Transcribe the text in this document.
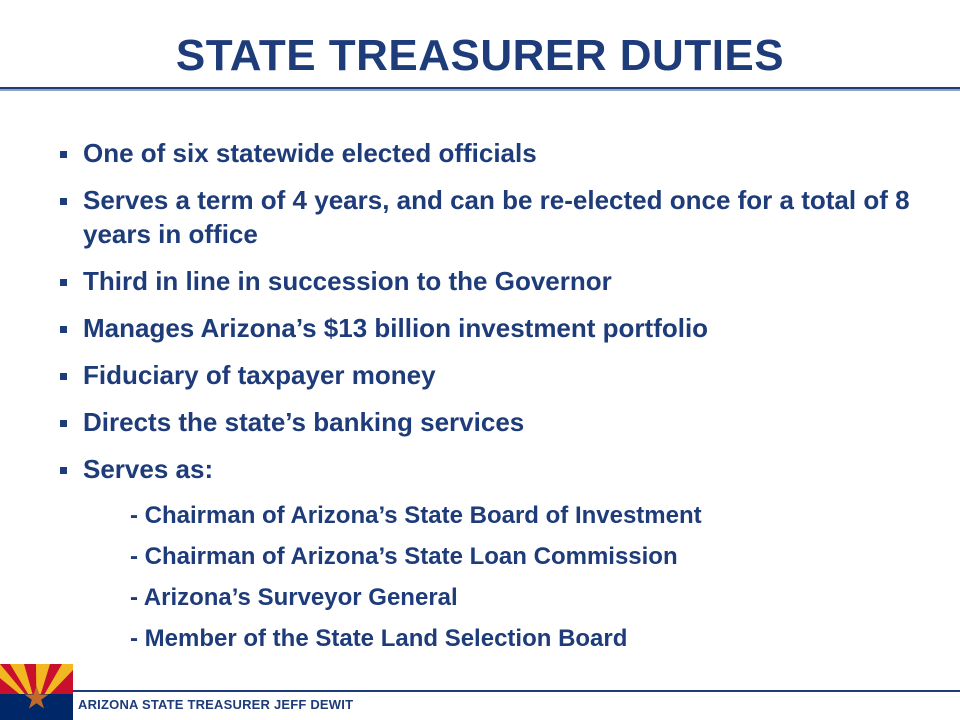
STATE TREASURER DUTIES
One of six statewide elected officials
Serves a term of 4 years, and can be re-elected once for a total of 8 years in office
Third in line in succession to the Governor
Manages Arizona’s $13 billion investment portfolio
Fiduciary of taxpayer money
Directs the state’s banking services
Serves as:
- Chairman of Arizona’s State Board of Investment
- Chairman of Arizona’s State Loan Commission
- Arizona’s Surveyor General
- Member of the State Land Selection Board
ARIZONA STATE TREASURER JEFF DEWIT
